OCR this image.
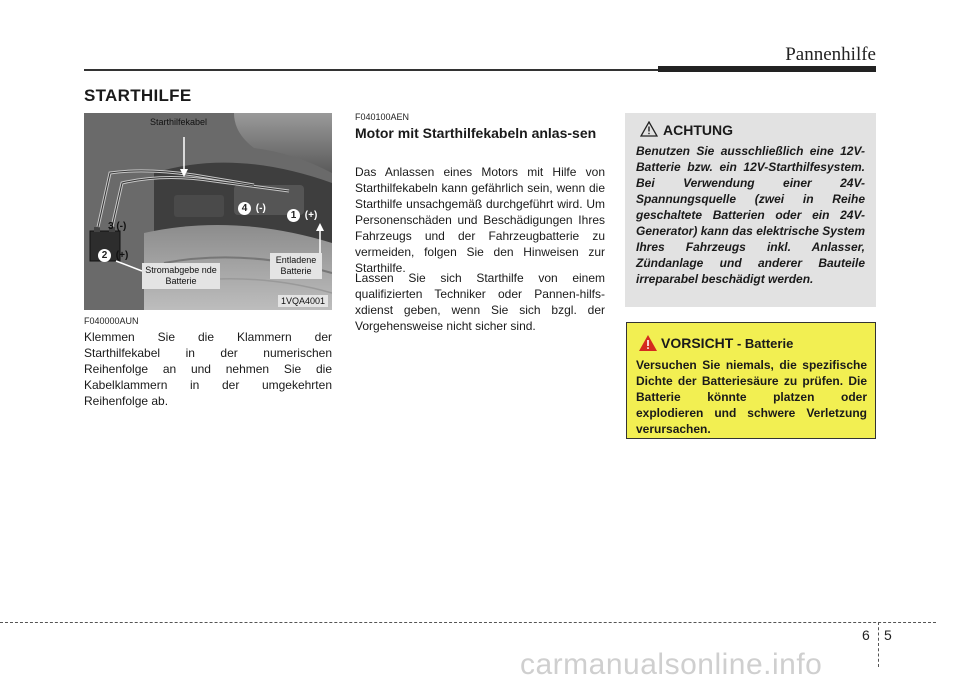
Pannenhilfe
STARTHILFE
Starthilfekabel
3 (-)
2 (+)
4 (-)
1 (+)
Stromabgebe nde Batterie
Entladene Batterie
1VQA4001
F040000AUN
Klemmen Sie die Klammern der Starthilfekabel in der numerischen Reihenfolge an und nehmen Sie die Kabelklammern in der umgekehrten Reihenfolge ab.
F040100AEN
Motor mit Starthilfekabeln anlas-sen
Das Anlassen eines Motors mit Hilfe von Starthilfekabeln kann gefährlich sein, wenn die Starthilfe unsachgemäß durchgeführt wird. Um Personenschäden und Beschädigungen Ihres Fahrzeugs und der Fahrzeugbatterie zu vermeiden, folgen Sie den Hinweisen zur Starthilfe.
Lassen Sie sich Starthilfe von einem qualifizierten Techniker oder Pannen-hilfs-xdienst geben, wenn Sie sich bzgl. der Vorgehensweise nicht sicher sind.
ACHTUNG
Benutzen Sie ausschließlich eine 12V-Batterie bzw. ein 12V-Starthilfesystem. Bei Verwendung einer 24V-Spannungsquelle (zwei in Reihe geschaltete Batterien oder ein 24V-Generator) kann das elektrische System Ihres Fahrzeugs inkl. Anlasser, Zündanlage und anderer Bauteile irreparabel beschädigt werden.
VORSICHT - Batterie
Versuchen Sie niemals, die spezifische Dichte der Batteriesäure zu prüfen. Die Batterie könnte platzen oder explodieren und schwere Verletzung verursachen.
6 5
carmanualsonline.info
